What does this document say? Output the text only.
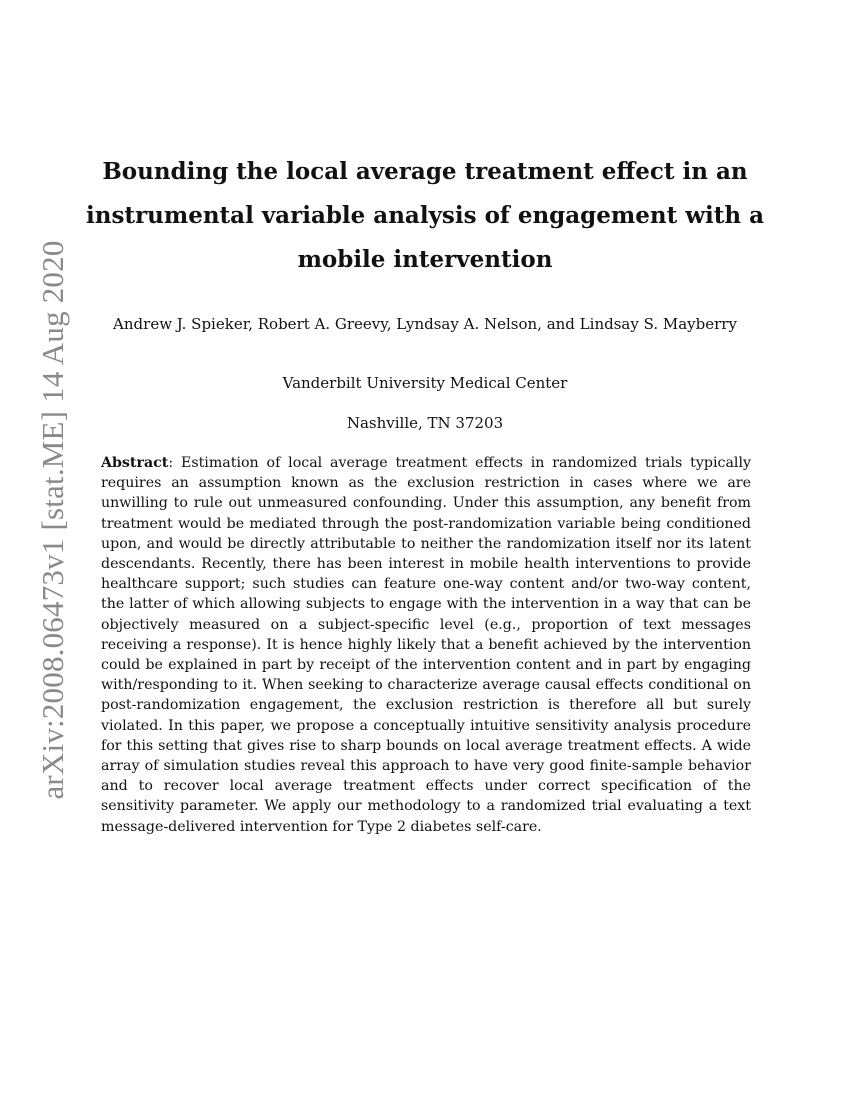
arXiv:2008.06473v1 [stat.ME] 14 Aug 2020
Bounding the local average treatment effect in an
instrumental variable analysis of engagement with a
mobile intervention
Andrew J. Spieker, Robert A. Greevy, Lyndsay A. Nelson, and Lindsay S. Mayberry
Vanderbilt University Medical Center
Nashville, TN 37203

Abstract: Estimation of local average treatment effects in randomized trials typically requires an assumption known as the exclusion restriction in cases where we are unwilling to rule out unmeasured confounding. Under this assumption, any benefit from treatment would be mediated through the post-randomization variable being conditioned upon, and would be directly attributable to neither the randomization itself nor its latent descendants. Recently, there has been interest in mobile health interventions to provide healthcare support; such studies can feature one-way content and/or two-way content, the latter of which allowing subjects to engage with the intervention in a way that can be objectively measured on a subject-specific level (e.g., proportion of text messages receiving a response). It is hence highly likely that a benefit achieved by the intervention could be explained in part by receipt of the intervention content and in part by engaging with/responding to it. When seeking to characterize average causal effects conditional on post-randomization engagement, the exclusion restriction is therefore all but surely violated. In this paper, we propose a conceptually intuitive sensitivity analysis procedure for this setting that gives rise to sharp bounds on local average treatment effects. A wide array of simulation studies reveal this approach to have very good finite-sample behavior and to recover local average treatment effects under correct specification of the sensitivity parameter. We apply our methodology to a randomized trial evaluating a text message-delivered intervention for Type 2 diabetes self-care.
